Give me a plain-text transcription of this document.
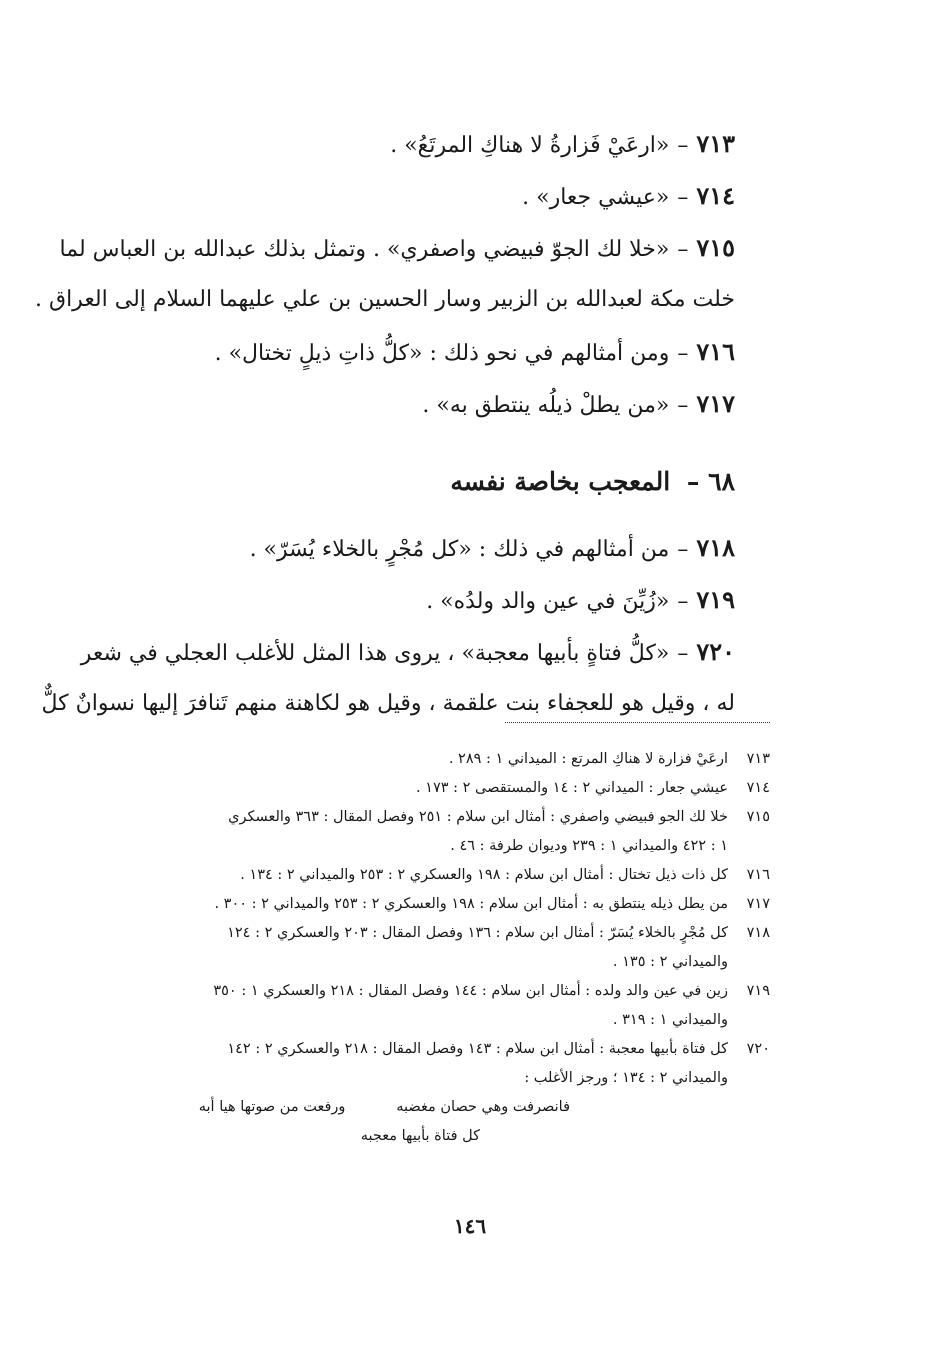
٧١٣–«ارعَيْ فَزارةُ لا هناكِ المرتَعُ» .
٧١٤–«عيشي جعار» .
٧١٥–«خلا لك الجوّ فبيضي واصفري» . وتمثل بذلك عبدالله بن العباس لما
خلت مكة لعبدالله بن الزبير وسار الحسين بن علي عليهما السلام إلى العراق .
٧١٦–ومن أمثالهم في نحو ذلك : «كلُّ ذاتِ ذيلٍ تختال» .
٧١٧–«من يطلْ ذيلُه ينتطق به» .
٦٨ – المعجب بخاصة نفسه
٧١٨–من أمثالهم في ذلك : «كل مُجْرٍ بالخلاء يُسَرّ» .
٧١٩–«زُيِّنَ في عين والد ولدُه» .
٧٢٠–«كلُّ فتاةٍ بأبيها معجبة» ، يروى هذا المثل للأغلب العجلي في شعر
له ، وقيل هو للعجفاء بنت علقمة ، وقيل هو لكاهنة منهم تَنافرَ إليها نسوانٌ كلٌّ
٧١٣
ارعَيْ فزارة لا هناكِ المرتع : الميداني ١ : ٢٨٩ .
٧١٤
عيشي جعار : الميداني ٢ : ١٤ والمستقصى ٢ : ١٧٣ .
٧١٥
خلا لك الجو فبيضي واصفري : أمثال ابن سلام : ٢٥١ وفصل المقال : ٣٦٣ والعسكري
١ : ٤٢٢ والميداني ١ : ٢٣٩ وديوان طرفة : ٤٦ .
٧١٦
كل ذات ذيل تختال : أمثال ابن سلام : ١٩٨ والعسكري ٢ : ٢٥٣ والميداني ٢ : ١٣٤ .
٧١٧
من يطل ذيله ينتطق به : أمثال ابن سلام : ١٩٨ والعسكري ٢ : ٢٥٣ والميداني ٢ : ٣٠٠ .
٧١٨
كل مُجْرٍ بالخلاء يُسَرّ : أمثال ابن سلام : ١٣٦ وفصل المقال : ٢٠٣ والعسكري ٢ : ١٢٤
والميداني ٢ : ١٣٥ .
٧١٩
زين في عين والد ولده : أمثال ابن سلام : ١٤٤ وفصل المقال : ٢١٨ والعسكري ١ : ٣٥٠
والميداني ١ : ٣١٩ .
٧٢٠
كل فتاة بأبيها معجبة : أمثال ابن سلام : ١٤٣ وفصل المقال : ٢١٨ والعسكري ٢ : ١٤٢
والميداني ٢ : ١٣٤ ؛ ورجز الأغلب :
فانصرفت وهي حصان مغضبه ورفعت من صوتها هيا أبه
كل فتاة بأبيها معجبه
١٤٦
